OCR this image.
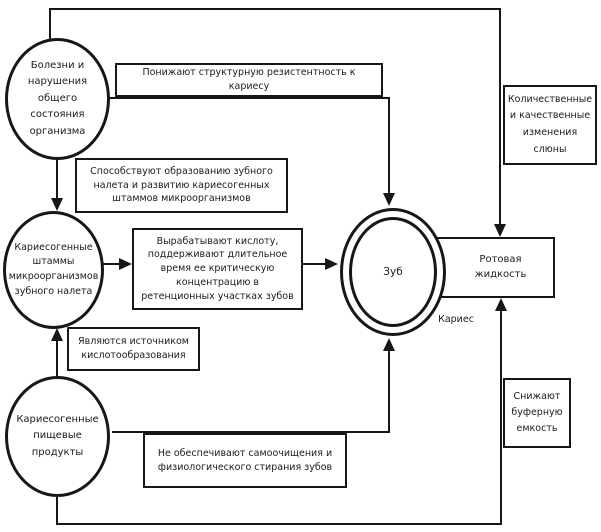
Болезни и нарушения общего состояния организма
Кариесогенные штаммы микроорганизмов зубного налета
Кариесогенные пищевые продукты
Ротовая жидкость
Зуб
Кариес
Понижают структурную резистентность к кариесу
Способствуют образованию зубного налета и развитию кариесогенных штаммов микроорганизмов
Вырабатывают кислоту, поддерживают длительное время ее критическую концентрацию в ретенционных участках зубов
Являются источником кислотообразования
Не обеспечивают самоочищения и физиологического стирания зубов
Количественные и качественные изменения слюны
Снижают буферную емкость
